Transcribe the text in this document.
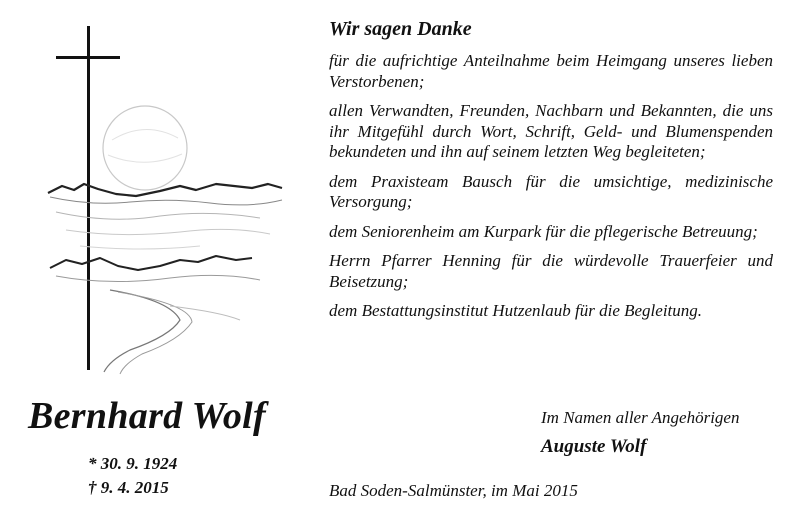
Bernhard Wolf
* 30. 9. 1924
† 9. 4. 2015
Wir sagen Danke
für die aufrichtige Anteilnahme beim Heimgang unseres lieben Verstorbenen;
allen Verwandten, Freunden, Nachbarn und Bekannten, die uns ihr Mitgefühl durch Wort, Schrift, Geld- und Blumenspenden bekundeten und ihn auf seinem letzten Weg begleiteten;
dem Praxisteam Bausch für die umsichtige, medizinische Versorgung;
dem Seniorenheim am Kurpark für die pflegerische Betreuung;
Herrn Pfarrer Henning für die würdevolle Trauerfeier und Beisetzung;
dem Bestattungsinstitut Hutzenlaub für die Begleitung.
Im Namen aller Angehörigen
Auguste Wolf
Bad Soden-Salmünster, im Mai 2015
